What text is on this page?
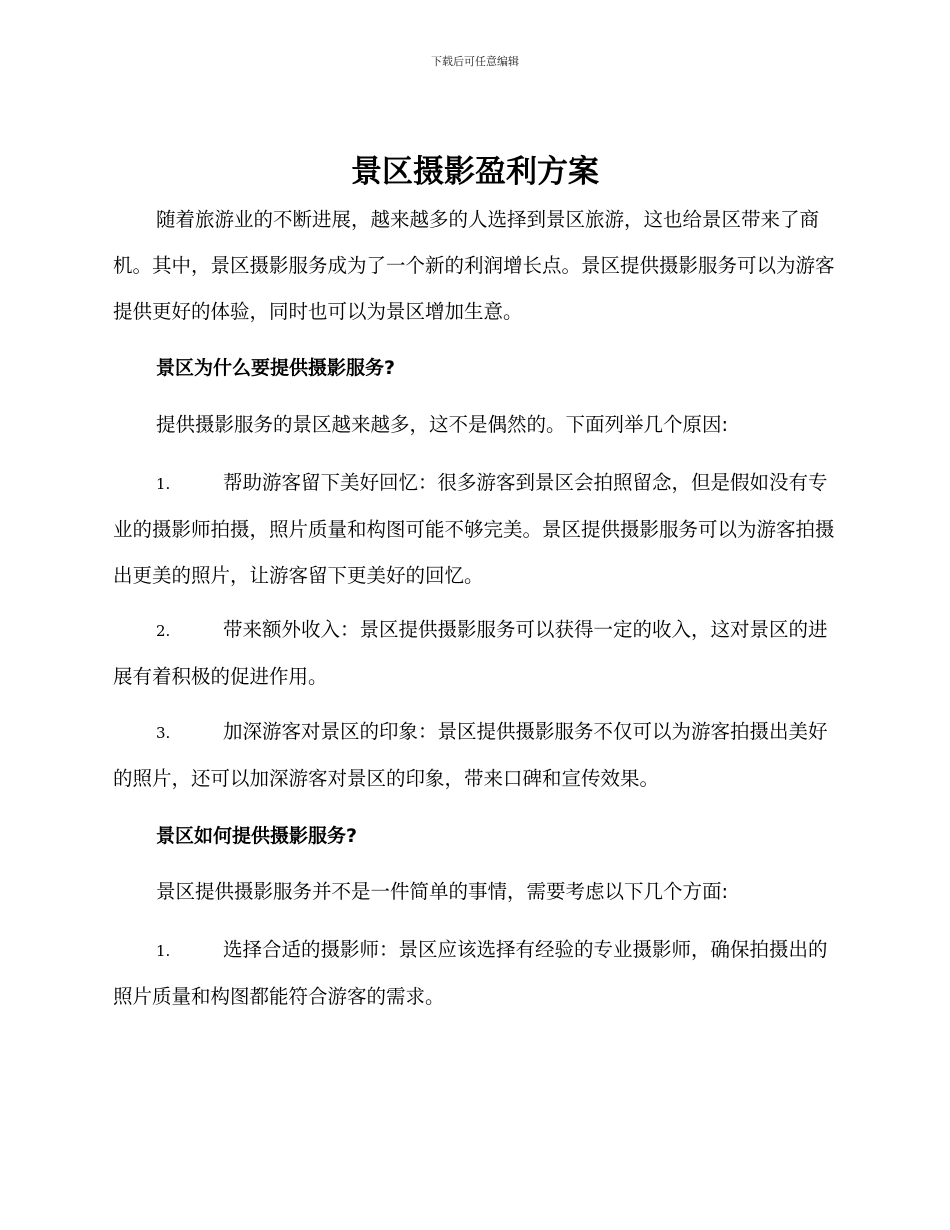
下载后可任意编辑
景区摄影盈利方案
随着旅游业的不断进展，越来越多的人选择到景区旅游，这也给景区带来了商机。其中，景区摄影服务成为了一个新的利润增长点。景区提供摄影服务可以为游客提供更好的体验，同时也可以为景区增加生意。
景区为什么要提供摄影服务?
提供摄影服务的景区越来越多，这不是偶然的。下面列举几个原因:
1.	帮助游客留下美好回忆：很多游客到景区会拍照留念，但是假如没有专业的摄影师拍摄，照片质量和构图可能不够完美。景区提供摄影服务可以为游客拍摄出更美的照片，让游客留下更美好的回忆。
2.	带来额外收入：景区提供摄影服务可以获得一定的收入，这对景区的进展有着积极的促进作用。
3.	加深游客对景区的印象：景区提供摄影服务不仅可以为游客拍摄出美好的照片，还可以加深游客对景区的印象，带来口碑和宣传效果。
景区如何提供摄影服务?
景区提供摄影服务并不是一件简单的事情，需要考虑以下几个方面:
1.	选择合适的摄影师：景区应该选择有经验的专业摄影师，确保拍摄出的照片质量和构图都能符合游客的需求。
